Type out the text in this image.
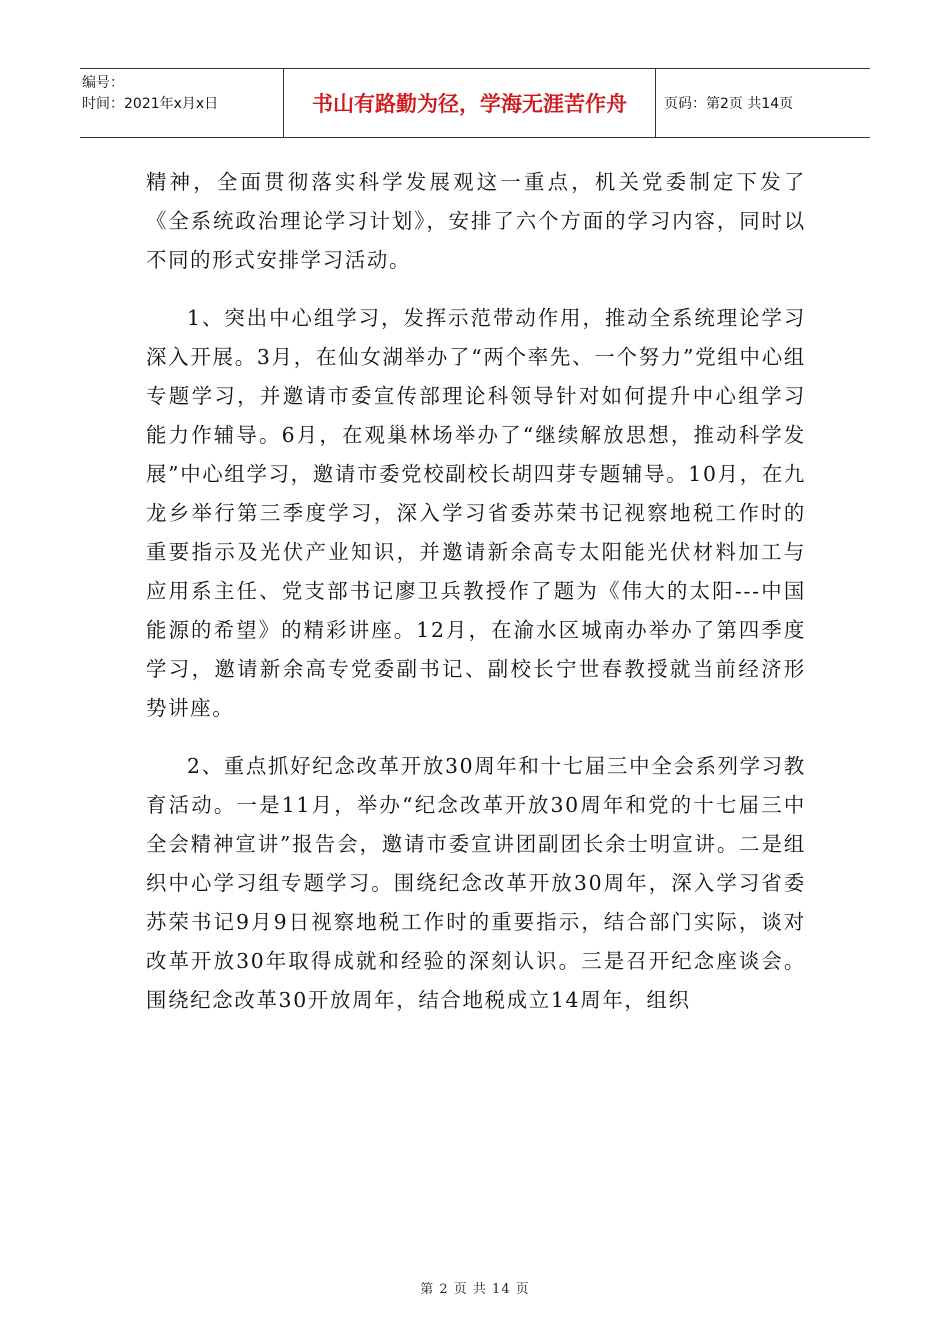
编号：
时间：2021年x月x日	书山有路勤为径，学海无涯苦作舟	页码：第2页 共14页

精神，全面贯彻落实科学发展观这一重点，机关党委制定下发了《全系统政治理论学习计划》，安排了六个方面的学习内容，同时以不同的形式安排学习活动。

1、突出中心组学习，发挥示范带动作用，推动全系统理论学习深入开展。3月，在仙女湖举办了“两个率先、一个努力”党组中心组专题学习，并邀请市委宣传部理论科领导针对如何提升中心组学习能力作辅导。6月，在观巢林场举办了“继续解放思想，推动科学发展”中心组学习，邀请市委党校副校长胡四芽专题辅导。10月，在九龙乡举行第三季度学习，深入学习省委苏荣书记视察地税工作时的重要指示及光伏产业知识，并邀请新余高专太阳能光伏材料加工与应用系主任、党支部书记廖卫兵教授作了题为《伟大的太阳---中国能源的希望》的精彩讲座。12月，在渝水区城南办举办了第四季度学习，邀请新余高专党委副书记、副校长宁世春教授就当前经济形势讲座。

2、重点抓好纪念改革开放30周年和十七届三中全会系列学习教育活动。一是11月，举办“纪念改革开放30周年和党的十七届三中全会精神宣讲”报告会，邀请市委宣讲团副团长余士明宣讲。二是组织中心学习组专题学习。围绕纪念改革开放30周年，深入学习省委苏荣书记9月9日视察地税工作时的重要指示，结合部门实际，谈对改革开放30年取得成就和经验的深刻认识。三是召开纪念座谈会。围绕纪念改革30开放周年，结合地税成立14周年，组织

第 2 页 共 14 页
